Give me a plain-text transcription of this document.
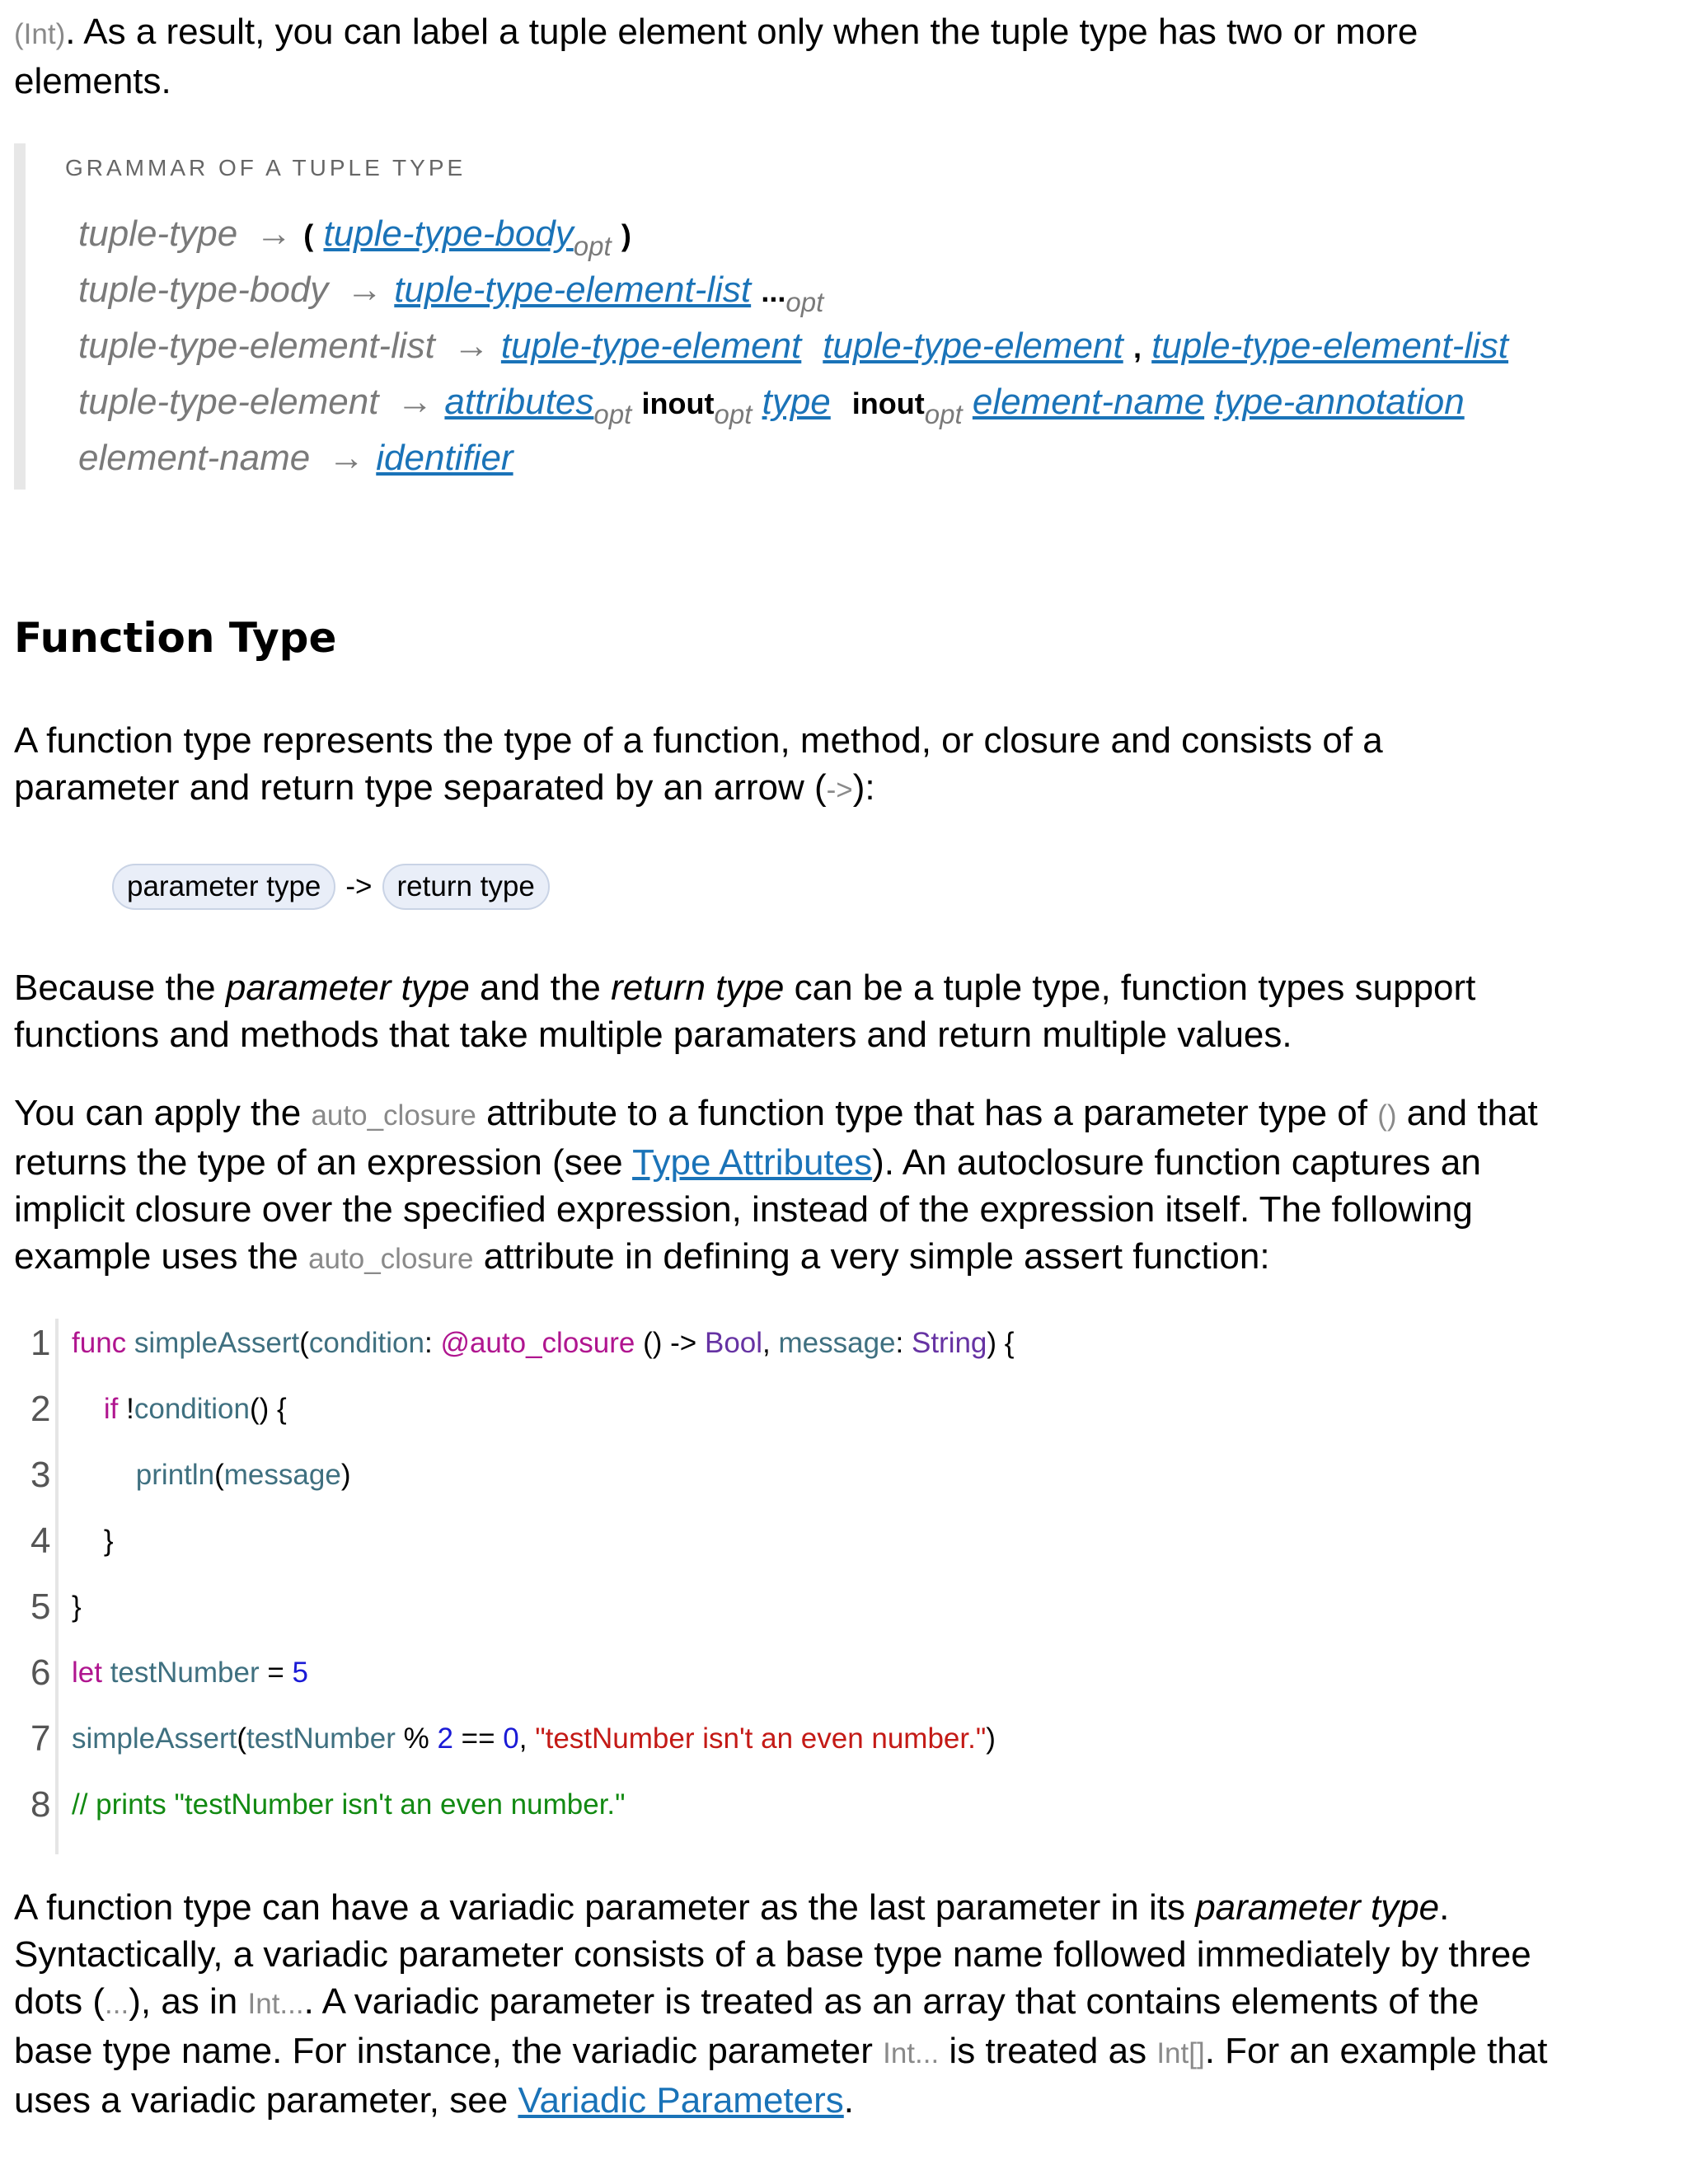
(Int). As a result, you can label a tuple element only when the tuple type has two or more
elements.

GRAMMAR OF A TUPLE TYPE
tuple-type → ( tuple-type-body$_{opt}$ )
tuple-type-body → tuple-type-element-list $..._{opt}$
tuple-type-element-list → tuple-type-element tuple-type-element , tuple-type-element-list
tuple-type-element → attributes$_{opt}$ inout$_{opt}$ type inout$_{opt}$ element-name type-annotation
element-name → identifier
Function Type

A function type represents the type of a function, method, or closure and consists of a
parameter and return type separated by an arrow (->):

parameter type -> return type

Because the parameter type and the return type can be a tuple type, function types support
functions and methods that take multiple paramaters and return multiple values.

You can apply the auto_closure attribute to a function type that has a parameter type of () and that
returns the type of an expression (see Type Attributes). An autoclosure function captures an
implicit closure over the specified expression, instead of the expression itself. The following
example uses the auto_closure attribute in defining a very simple assert function:

1 func simpleAssert(condition: @auto_closure () -> Bool, message: String) {
2	if !condition() {
3	println(message)
4	}
5 }
6 let testNumber = 5
7 simpleAssert(testNumber % 2 == 0, "testNumber isn't an even number.")
8 // prints "testNumber isn't an even number."

A function type can have a variadic parameter as the last parameter in its parameter type.
Syntactically, a variadic parameter consists of a base type name followed immediately by three
dots (...), as in Int.... A variadic parameter is treated as an array that contains elements of the
base type name. For instance, the variadic parameter Int... is treated as Int[]. For an example that
uses a variadic parameter, see Variadic Parameters.
